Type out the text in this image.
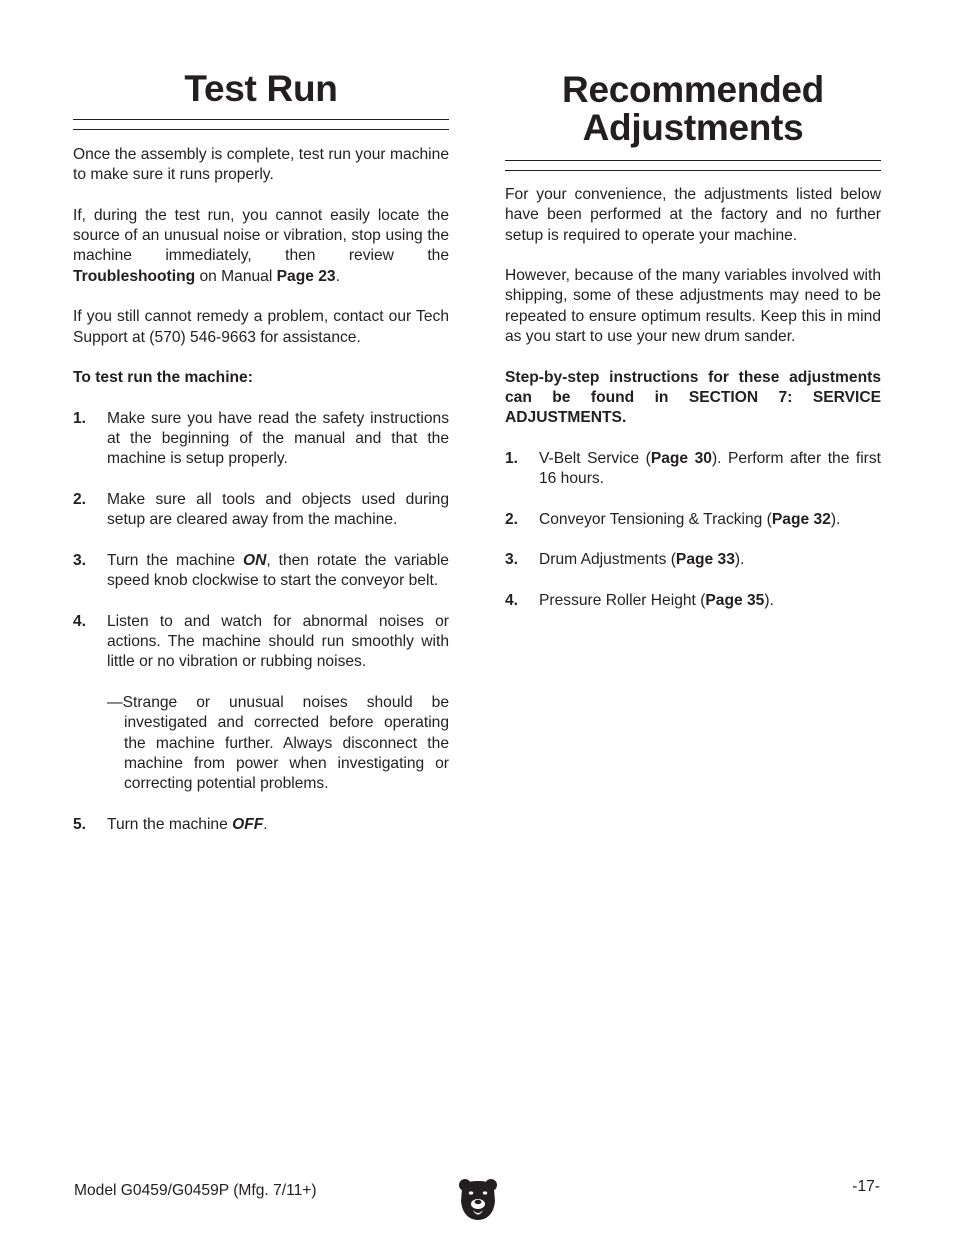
Test Run

Once the assembly is complete, test run your machine to make sure it runs properly.

If, during the test run, you cannot easily locate the source of an unusual noise or vibration, stop using the machine immediately, then review the Troubleshooting on Manual Page 23.

If you still cannot remedy a problem, contact our Tech Support at (570) 546-9663 for assistance.

To test run the machine:
1.	Make sure you have read the safety instructions at the beginning of the manual and that the machine is setup properly.
2.	Make sure all tools and objects used during setup are cleared away from the machine.
3.	Turn the machine ON, then rotate the variable speed knob clockwise to start the conveyor belt.
4.	Listen to and watch for abnormal noises or actions. The machine should run smoothly with little or no vibration or rubbing noises.
—Strange or unusual noises should be investigated and corrected before operating the machine further. Always disconnect the machine from power when investigating or correcting potential problems.
5.	Turn the machine OFF.
Recommended
Adjustments

For your convenience, the adjustments listed below have been performed at the factory and no further setup is required to operate your machine.

However, because of the many variables involved with shipping, some of these adjustments may need to be repeated to ensure optimum results. Keep this in mind as you start to use your new drum sander.

Step-by-step instructions for these adjustments can be found in SECTION 7: SERVICE ADJUSTMENTS.

1.	V-Belt Service (Page 30). Perform after the first 16 hours.
2.	Conveyor Tensioning & Tracking (Page 32).
3.	Drum Adjustments (Page 33).
4.	Pressure Roller Height (Page 35).
Model G0459/G0459P (Mfg. 7/11+)	-17-
